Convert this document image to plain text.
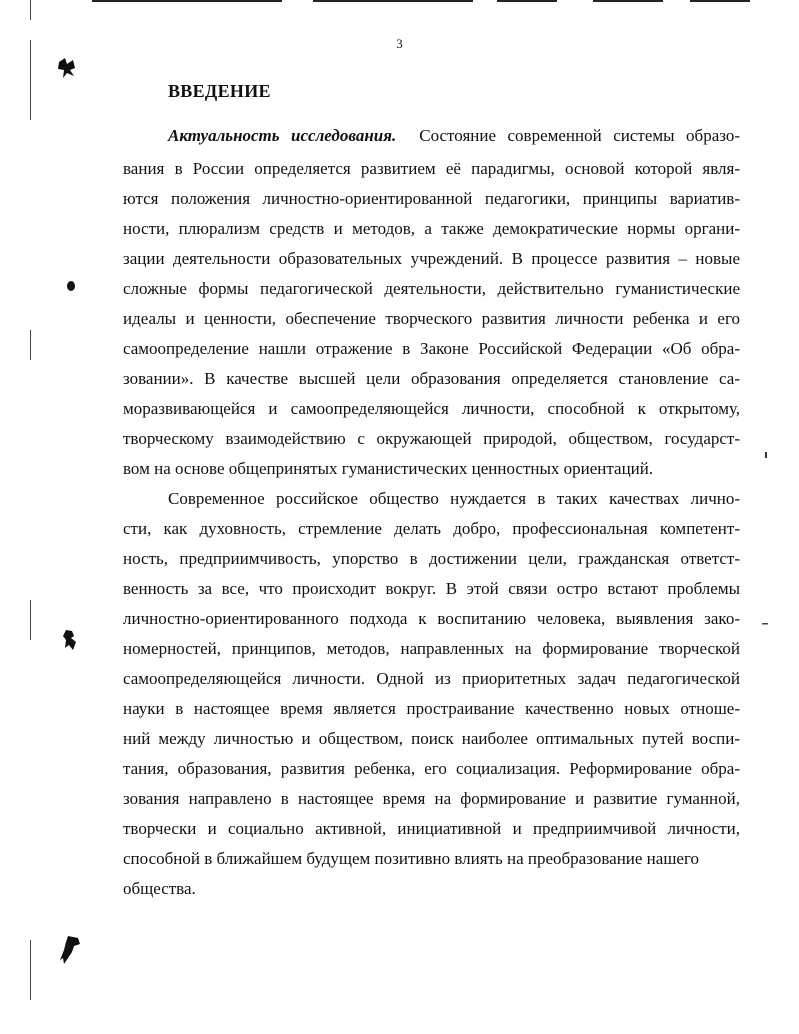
3
ВВЕДЕНИЕ
Актуальность исследования. Состояние современной системы образо-
вания в России определяется развитием её парадигмы, основой которой явля-
ются положения личностно-ориентированной педагогики, принципы вариатив-
ности, плюрализм средств и методов, а также демократические нормы органи-
зации деятельности образовательных учреждений. В процессе развития – новые
сложные формы педагогической деятельности, действительно гуманистические
идеалы и ценности, обеспечение творческого развития личности ребенка и его
самоопределение нашли отражение в Законе Российской Федерации «Об обра-
зовании». В качестве высшей цели образования определяется становление са-
моразвивающейся и самоопределяющейся личности, способной к открытому,
творческому взаимодействию с окружающей природой, обществом, государст-
вом на основе общепринятых гуманистических ценностных ориентаций.
Современное российское общество нуждается в таких качествах лично-
сти, как духовность, стремление делать добро, профессиональная компетент-
ность, предприимчивость, упорство в достижении цели, гражданская ответст-
венность за все, что происходит вокруг. В этой связи остро встают проблемы
личностно-ориентированного подхода к воспитанию человека, выявления зако-
номерностей, принципов, методов, направленных на формирование творческой
самоопределяющейся личности. Одной из приоритетных задач педагогической
науки в настоящее время является простраивание качественно новых отноше-
ний между личностью и обществом, поиск наиболее оптимальных путей воспи-
тания, образования, развития ребенка, его социализация. Реформирование обра-
зования направлено в настоящее время на формирование и развитие гуманной,
творчески и социально активной, инициативной и предприимчивой личности,
способной в ближайшем будущем позитивно влиять на преобразование нашего
общества.
